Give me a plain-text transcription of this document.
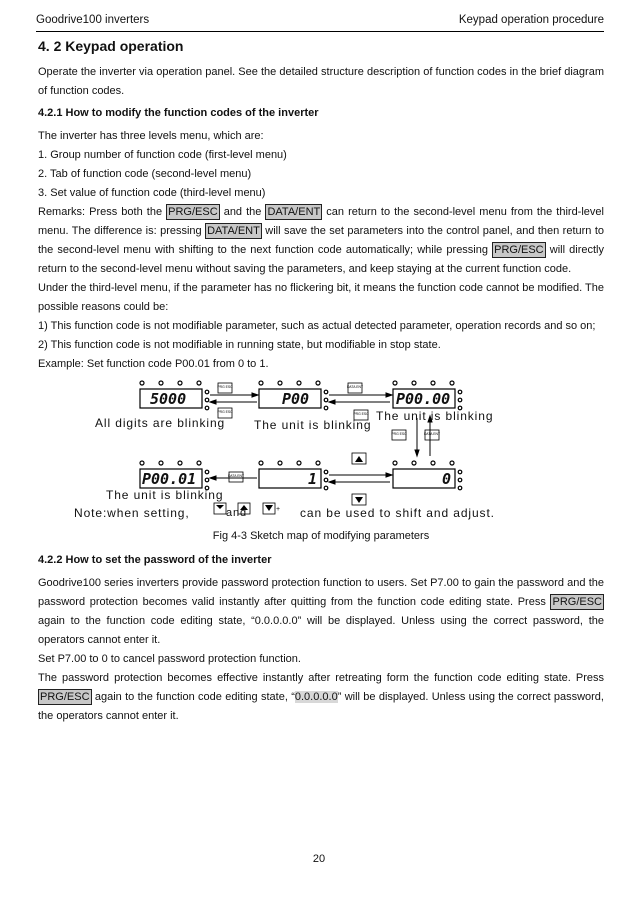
Goodrive100 inverters	Keypad operation procedure
4. 2 Keypad operation

Operate the inverter via operation panel. See the detailed structure description of function codes in the brief diagram of function codes.

4.2.1 How to modify the function codes of the inverter

The inverter has three levels menu, which are:

1. Group number of function code (first-level menu)

2. Tab of function code (second-level menu)

3. Set value of function code (third-level menu)

Remarks: Press both the PRG/ESC and the DATA/ENT can return to the second-level menu from the third-level menu. The difference is: pressing DATA/ENT will save the set parameters into the control panel, and then return to the second-level menu with shifting to the next function code automatically; while pressing PRG/ESC will directly return to the second-level menu without saving the parameters, and keep staying at the current function code.

Under the third-level menu, if the parameter has no flickering bit, it means the function code cannot be modified. The possible reasons could be:

1) This function code is not modifiable parameter, such as actual detected parameter, operation records and so on;

2) This function code is not modifiable in running state, but modifiable in stop state.

Example: Set function code P00.01 from 0 to 1.

5000	P00	P00.00
P00.01	1	0
PRG ESC
PRG ESC
DATA ENT
PRG ESC
PRG ESC	DATA ENT
DATA ENT
All digits are blinking The unit is blinking
The unit is blinking
The unit is blinking
Note:when setting,	and	+ can be used to shift and adjust.

Fig 4-3 Sketch map of modifying parameters

4.2.2 How to set the password of the inverter

Goodrive100 series inverters provide password protection function to users. Set P7.00 to gain the password and the password protection becomes valid instantly after quitting from the function code editing state. Press PRG/ESC again to the function code editing state, “0.0.0.0.0” will be displayed. Unless using the correct password, the operators cannot enter it.

Set P7.00 to 0 to cancel password protection function.

The password protection becomes effective instantly after retreating form the function code editing state. Press PRG/ESC again to the function code editing state, “0.0.0.0.0” will be displayed. Unless using the correct password, the operators cannot enter it.

20
